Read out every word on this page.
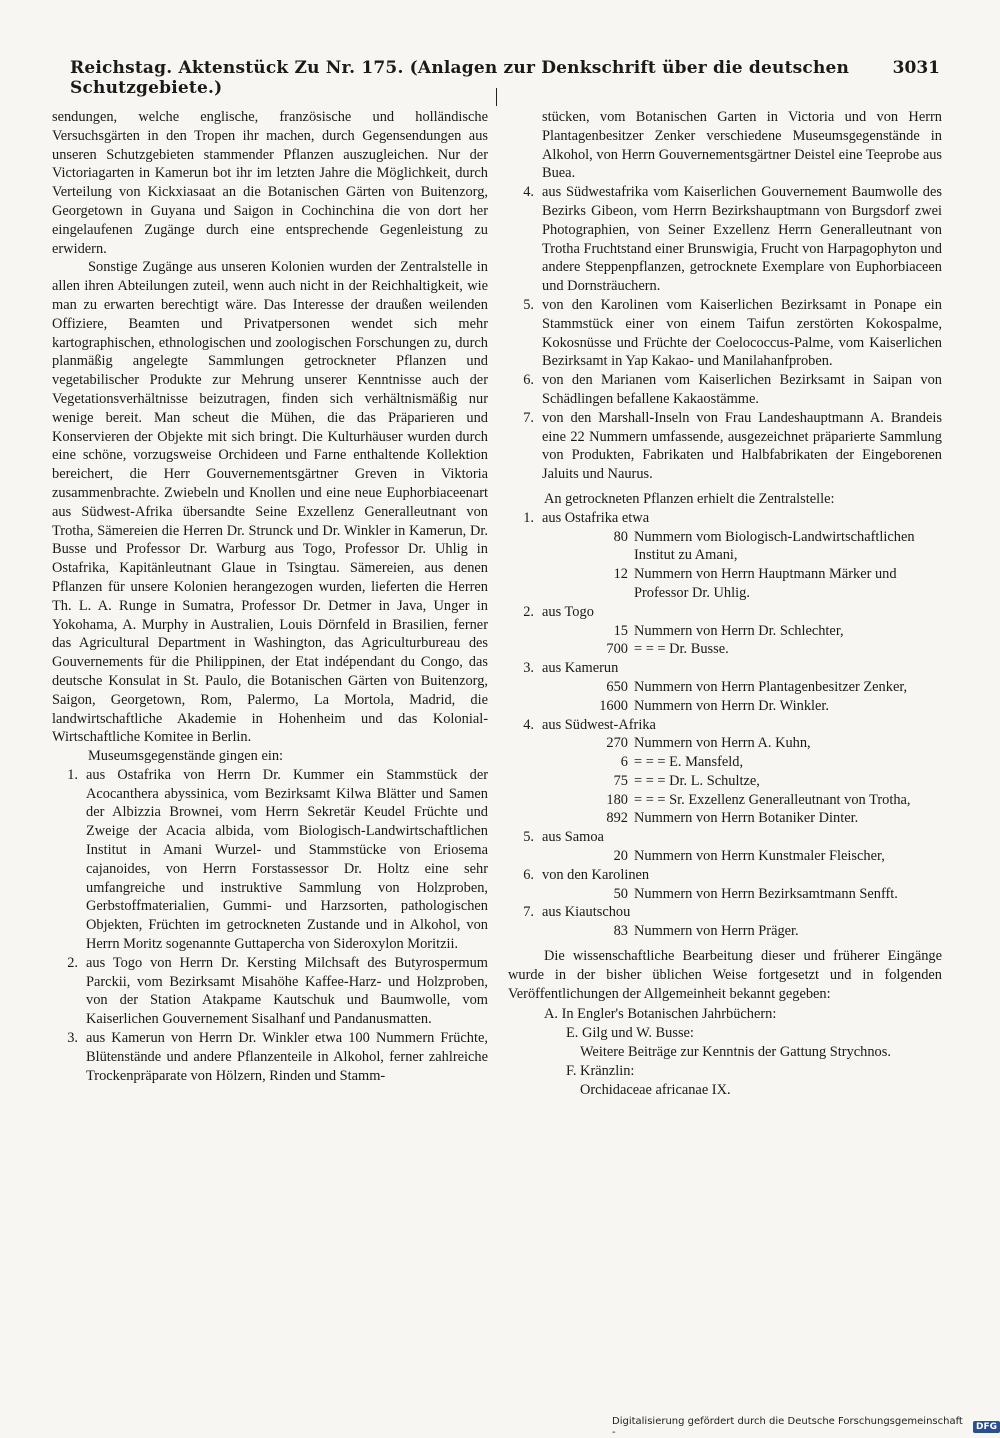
Reichstag. Aktenstück Zu Nr. 175. (Anlagen zur Denkschrift über die deutschen Schutzgebiete.)
3031

sendungen, welche englische, französische und holländische Versuchsgärten in den Tropen ihr machen, durch Gegensendungen aus unseren Schutzgebieten stammender Pflanzen auszugleichen. Nur der Victoriagarten in Kamerun bot ihr im letzten Jahre die Möglichkeit, durch Verteilung von Kickxiasaat an die Botanischen Gärten von Buitenzorg, Georgetown in Guyana und Saigon in Cochinchina die von dort her eingelaufenen Zugänge durch eine entsprechende Gegenleistung zu erwidern.

Sonstige Zugänge aus unseren Kolonien wurden der Zentralstelle in allen ihren Abteilungen zuteil, wenn auch nicht in der Reichhaltigkeit, wie man zu erwarten berechtigt wäre. Das Interesse der draußen weilenden Offiziere, Beamten und Privatpersonen wendet sich mehr kartographischen, ethnologischen und zoologischen Forschungen zu, durch planmäßig angelegte Sammlungen getrockneter Pflanzen und vegetabilischer Produkte zur Mehrung unserer Kenntnisse auch der Vegetationsverhältnisse beizutragen, finden sich verhältnismäßig nur wenige bereit. Man scheut die Mühen, die das Präparieren und Konservieren der Objekte mit sich bringt. Die Kulturhäuser wurden durch eine schöne, vorzugsweise Orchideen und Farne enthaltende Kollektion bereichert, die Herr Gouvernementsgärtner Greven in Viktoria zusammenbrachte. Zwiebeln und Knollen und eine neue Euphorbiaceenart aus Südwest-Afrika übersandte Seine Exzellenz Generalleutnant von Trotha, Sämereien die Herren Dr. Strunck und Dr. Winkler in Kamerun, Dr. Busse und Professor Dr. Warburg aus Togo, Professor Dr. Uhlig in Ostafrika, Kapitänleutnant Glaue in Tsingtau. Sämereien, aus denen Pflanzen für unsere Kolonien herangezogen wurden, lieferten die Herren Th. L. A. Runge in Sumatra, Professor Dr. Detmer in Java, Unger in Yokohama, A. Murphy in Australien, Louis Dörnfeld in Brasilien, ferner das Agricultural Department in Washington, das Agriculturbureau des Gouvernements für die Philippinen, der Etat indépendant du Congo, das deutsche Konsulat in St. Paulo, die Botanischen Gärten von Buitenzorg, Saigon, Georgetown, Rom, Palermo, La Mortola, Madrid, die landwirtschaftliche Akademie in Hohenheim und das Kolonial-Wirtschaftliche Komitee in Berlin.

Museumsgegenstände gingen ein:

1. aus Ostafrika von Herrn Dr. Kummer ein Stammstück der Acocanthera abyssinica, vom Bezirksamt Kilwa Blätter und Samen der Albizzia Brownei, vom Herrn Sekretär Keudel Früchte und Zweige der Acacia albida, vom Biologisch-Landwirtschaftlichen Institut in Amani Wurzel- und Stammstücke von Eriosema cajanoides, von Herrn Forstassessor Dr. Holtz eine sehr umfangreiche und instruktive Sammlung von Holzproben, Gerbstoffmaterialien, Gummi- und Harzsorten, pathologischen Objekten, Früchten im getrockneten Zustande und in Alkohol, von Herrn Moritz sogenannte Guttapercha von Sideroxylon Moritzii.
2. aus Togo von Herrn Dr. Kersting Milchsaft des Butyrospermum Parckii, vom Bezirksamt Misahöhe Kaffee-Harz- und Holzproben, von der Station Atakpame Kautschuk und Baumwolle, vom Kaiserlichen Gouvernement Sisalhanf und Pandanusmatten.
3. aus Kamerun von Herrn Dr. Winkler etwa 100 Nummern Früchte, Blütenstände und andere Pflanzenteile in Alkohol, ferner zahlreiche Trockenpräparate von Hölzern, Rinden und Stamm-
stücken, vom Botanischen Garten in Victoria und von Herrn Plantagenbesitzer Zenker verschiedene Museumsgegenstände in Alkohol, von Herrn Gouvernementsgärtner Deistel eine Teeprobe aus Buea.
4. aus Südwestafrika vom Kaiserlichen Gouvernement Baumwolle des Bezirks Gibeon, vom Herrn Bezirkshauptmann von Burgsdorf zwei Photographien, von Seiner Exzellenz Herrn Generalleutnant von Trotha Fruchtstand einer Brunswigia, Frucht von Harpagophyton und andere Steppenpflanzen, getrocknete Exemplare von Euphorbiaceen und Dornsträuchern.
5. von den Karolinen vom Kaiserlichen Bezirksamt in Ponape ein Stammstück einer von einem Taifun zerstörten Kokospalme, Kokosnüsse und Früchte der Coelococcus-Palme, vom Kaiserlichen Bezirksamt in Yap Kakao- und Manilahanfproben.
6. von den Marianen vom Kaiserlichen Bezirksamt in Saipan von Schädlingen befallene Kakaostämme.
7. von den Marshall-Inseln von Frau Landeshauptmann A. Brandeis eine 22 Nummern umfassende, ausgezeichnet präparierte Sammlung von Produkten, Fabrikaten und Halbfabrikaten der Eingeborenen Jaluits und Naurus.

An getrockneten Pflanzen erhielt die Zentralstelle:

1. aus Ostafrika etwa
80 Nummern vom Biologisch-Landwirtschaftlichen Institut zu Amani,
12 Nummern von Herrn Hauptmann Märker und Professor Dr. Uhlig.
2. aus Togo
15 Nummern von Herrn Dr. Schlechter,
700 = = = Dr. Busse.
3. aus Kamerun
650 Nummern von Herrn Plantagenbesitzer Zenker,
1600 Nummern von Herrn Dr. Winkler.
4. aus Südwest-Afrika
270 Nummern von Herrn A. Kuhn,
6 = = = E. Mansfeld,
75 = = = Dr. L. Schultze,
180 = = = Sr. Exzellenz Generalleutnant von Trotha,
892 Nummern von Herrn Botaniker Dinter.
5. aus Samoa
20 Nummern von Herrn Kunstmaler Fleischer,
6. von den Karolinen
50 Nummern von Herrn Bezirksamtmann Senfft.
7. aus Kiautschou
83 Nummern von Herrn Präger.

Die wissenschaftliche Bearbeitung dieser und früherer Eingänge wurde in der bisher üblichen Weise fortgesetzt und in folgenden Veröffentlichungen der Allgemeinheit bekannt gegeben:

A. In Engler's Botanischen Jahrbüchern:
E. Gilg und W. Busse:
Weitere Beiträge zur Kenntnis der Gattung Strychnos.
F. Kränzlin:
Orchidaceae africanae IX.
Digitalisierung gefördert durch die Deutsche Forschungsgemeinschaft -	DFG
